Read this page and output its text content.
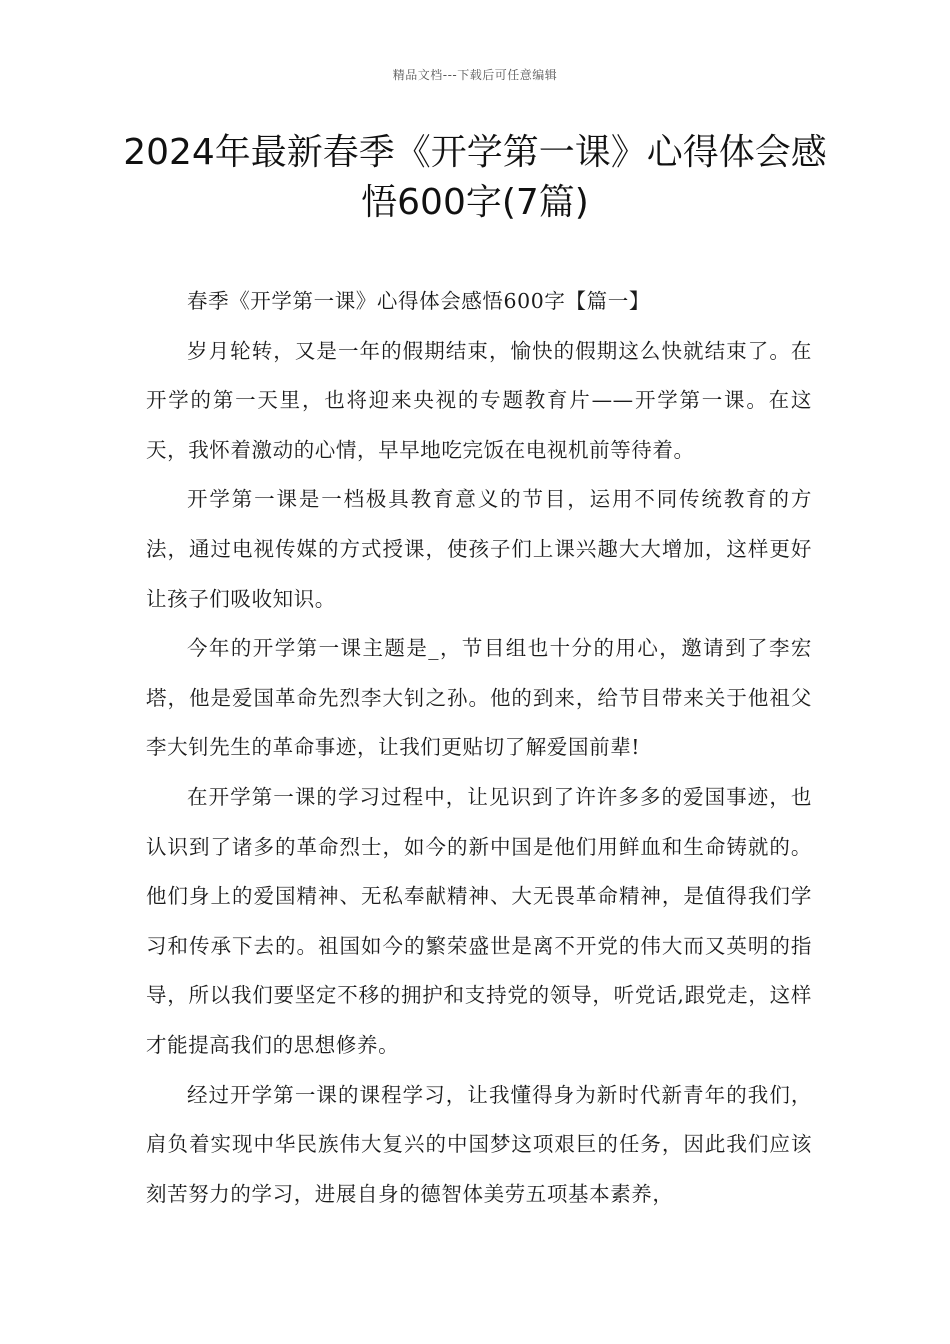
精品文档---下载后可任意编辑
2024年最新春季《开学第一课》心得体会感悟600字(7篇)

春季《开学第一课》心得体会感悟600字【篇一】

岁月轮转，又是一年的假期结束，愉快的假期这么快就结束了。在开学的第一天里，也将迎来央视的专题教育片——开学第一课。在这天，我怀着激动的心情，早早地吃完饭在电视机前等待着。

开学第一课是一档极具教育意义的节目，运用不同传统教育的方法，通过电视传媒的方式授课，使孩子们上课兴趣大大增加，这样更好让孩子们吸收知识。

今年的开学第一课主题是_，节目组也十分的用心，邀请到了李宏塔，他是爱国革命先烈李大钊之孙。他的到来，给节目带来关于他祖父李大钊先生的革命事迹，让我们更贴切了解爱国前辈!

在开学第一课的学习过程中，让见识到了许许多多的爱国事迹，也认识到了诸多的革命烈士，如今的新中国是他们用鲜血和生命铸就的。他们身上的爱国精神、无私奉献精神、大无畏革命精神，是值得我们学习和传承下去的。祖国如今的繁荣盛世是离不开党的伟大而又英明的指导，所以我们要坚定不移的拥护和支持党的领导，听党话,跟党走，这样才能提高我们的思想修养。

经过开学第一课的课程学习，让我懂得身为新时代新青年的我们，肩负着实现中华民族伟大复兴的中国梦这项艰巨的任务，因此我们应该刻苦努力的学习，进展自身的德智体美劳五项基本素养，
